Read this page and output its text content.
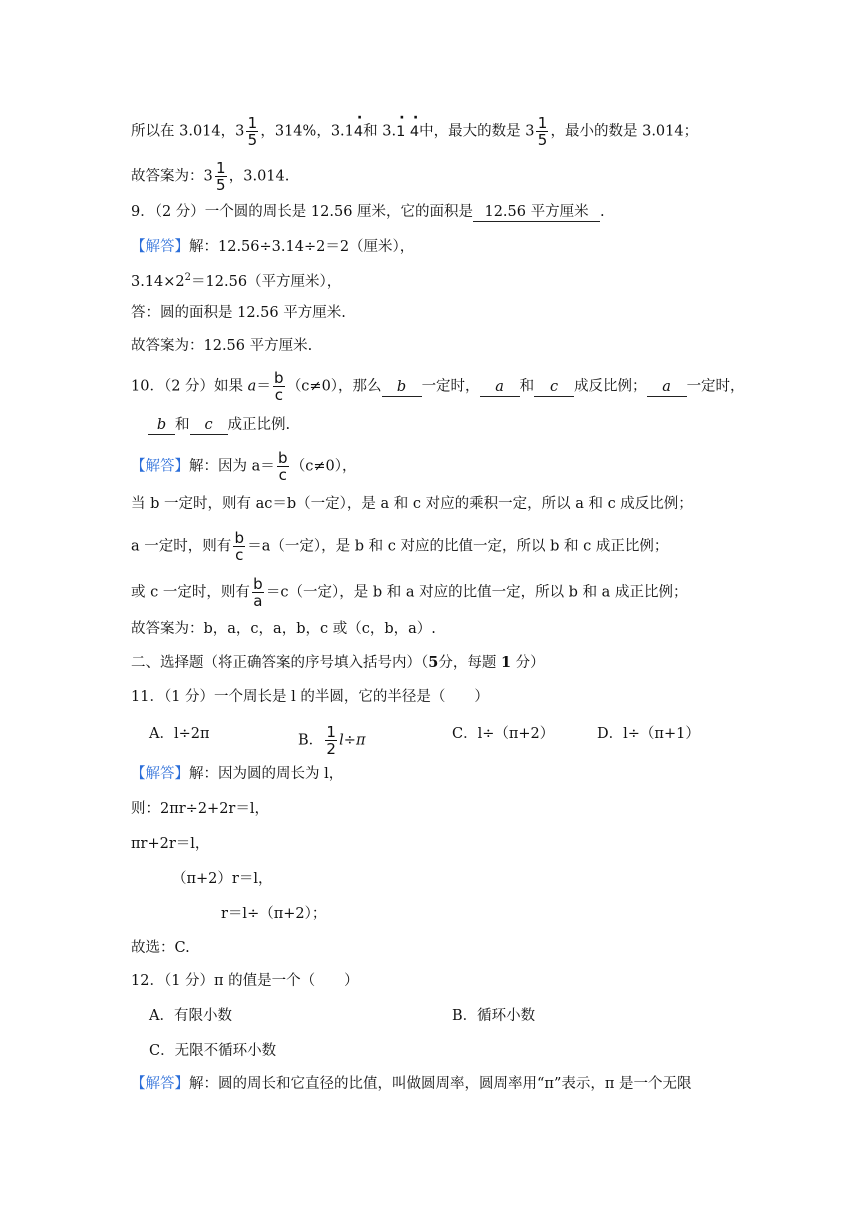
所以在 3.014，$3 \frac{1}{5}$ ，314%，3.1
·
4和 3.
·
1
·
4中，最大的数是 $3 \frac{1}{5}$ ，最小的数是 3.014；
故答案为：$3 \frac{1}{5}$ ，3.014.
9．（2 分）一个圆的周长是 12.56 厘米，它的面积是 12.56 平方厘米 .
【解答】解：12.56÷3.14÷2＝2（厘米），
$3.14\times 2^2=12.56$（平方厘米），
答：圆的面积是 12.56 平方厘米.
故答案为：12.56 平方厘米.
10．（2 分）如果 $a= \frac{b}{c} (c\ne 0)$，那么 b 一定时， a 和 c 成反比例； a 一定时，
b 和 c 成正比例.
【解答】解：因为 $a= \frac{b}{c} (c\ne 0)$，
当 b 一定时，则有 ac＝b（一定），是 a 和 c 对应的乘积一定，所以 a 和 c 成反比例；
a 一定时，则有 $\frac{b}{c} =a$（一定），是 b 和 c 对应的比值一定，所以 b 和 c 成正比例；
或 c 一定时，则有 $\frac{b}{a} =c$（一定），是 b 和 a 对应的比值一定，所以 b 和 a 成正比例；
故答案为：b，a，c，a，b，c 或（c，b，a）.
二、选择题（将正确答案的序号填入括号内）（5分，每题 1 分）
11．（1 分）一个周长是 l 的半圆，它的半径是（　　）
A．l÷2π	B． $\frac{1}{2} l\div\pi$	C．l÷（π+2）	D．l÷（π+1）
【解答】解：因为圆的周长为 l，
则：2πr÷2+2r＝l，
πr+2r＝l，
（π+2）r＝l，
r＝l÷（π+2）；
故选：C.
12．（1 分）π 的值是一个（　　）
A．有限小数	B．循环小数
C．无限不循环小数
【解答】解：圆的周长和它直径的比值，叫做圆周率，圆周率用“π”表示，π 是一个无限
